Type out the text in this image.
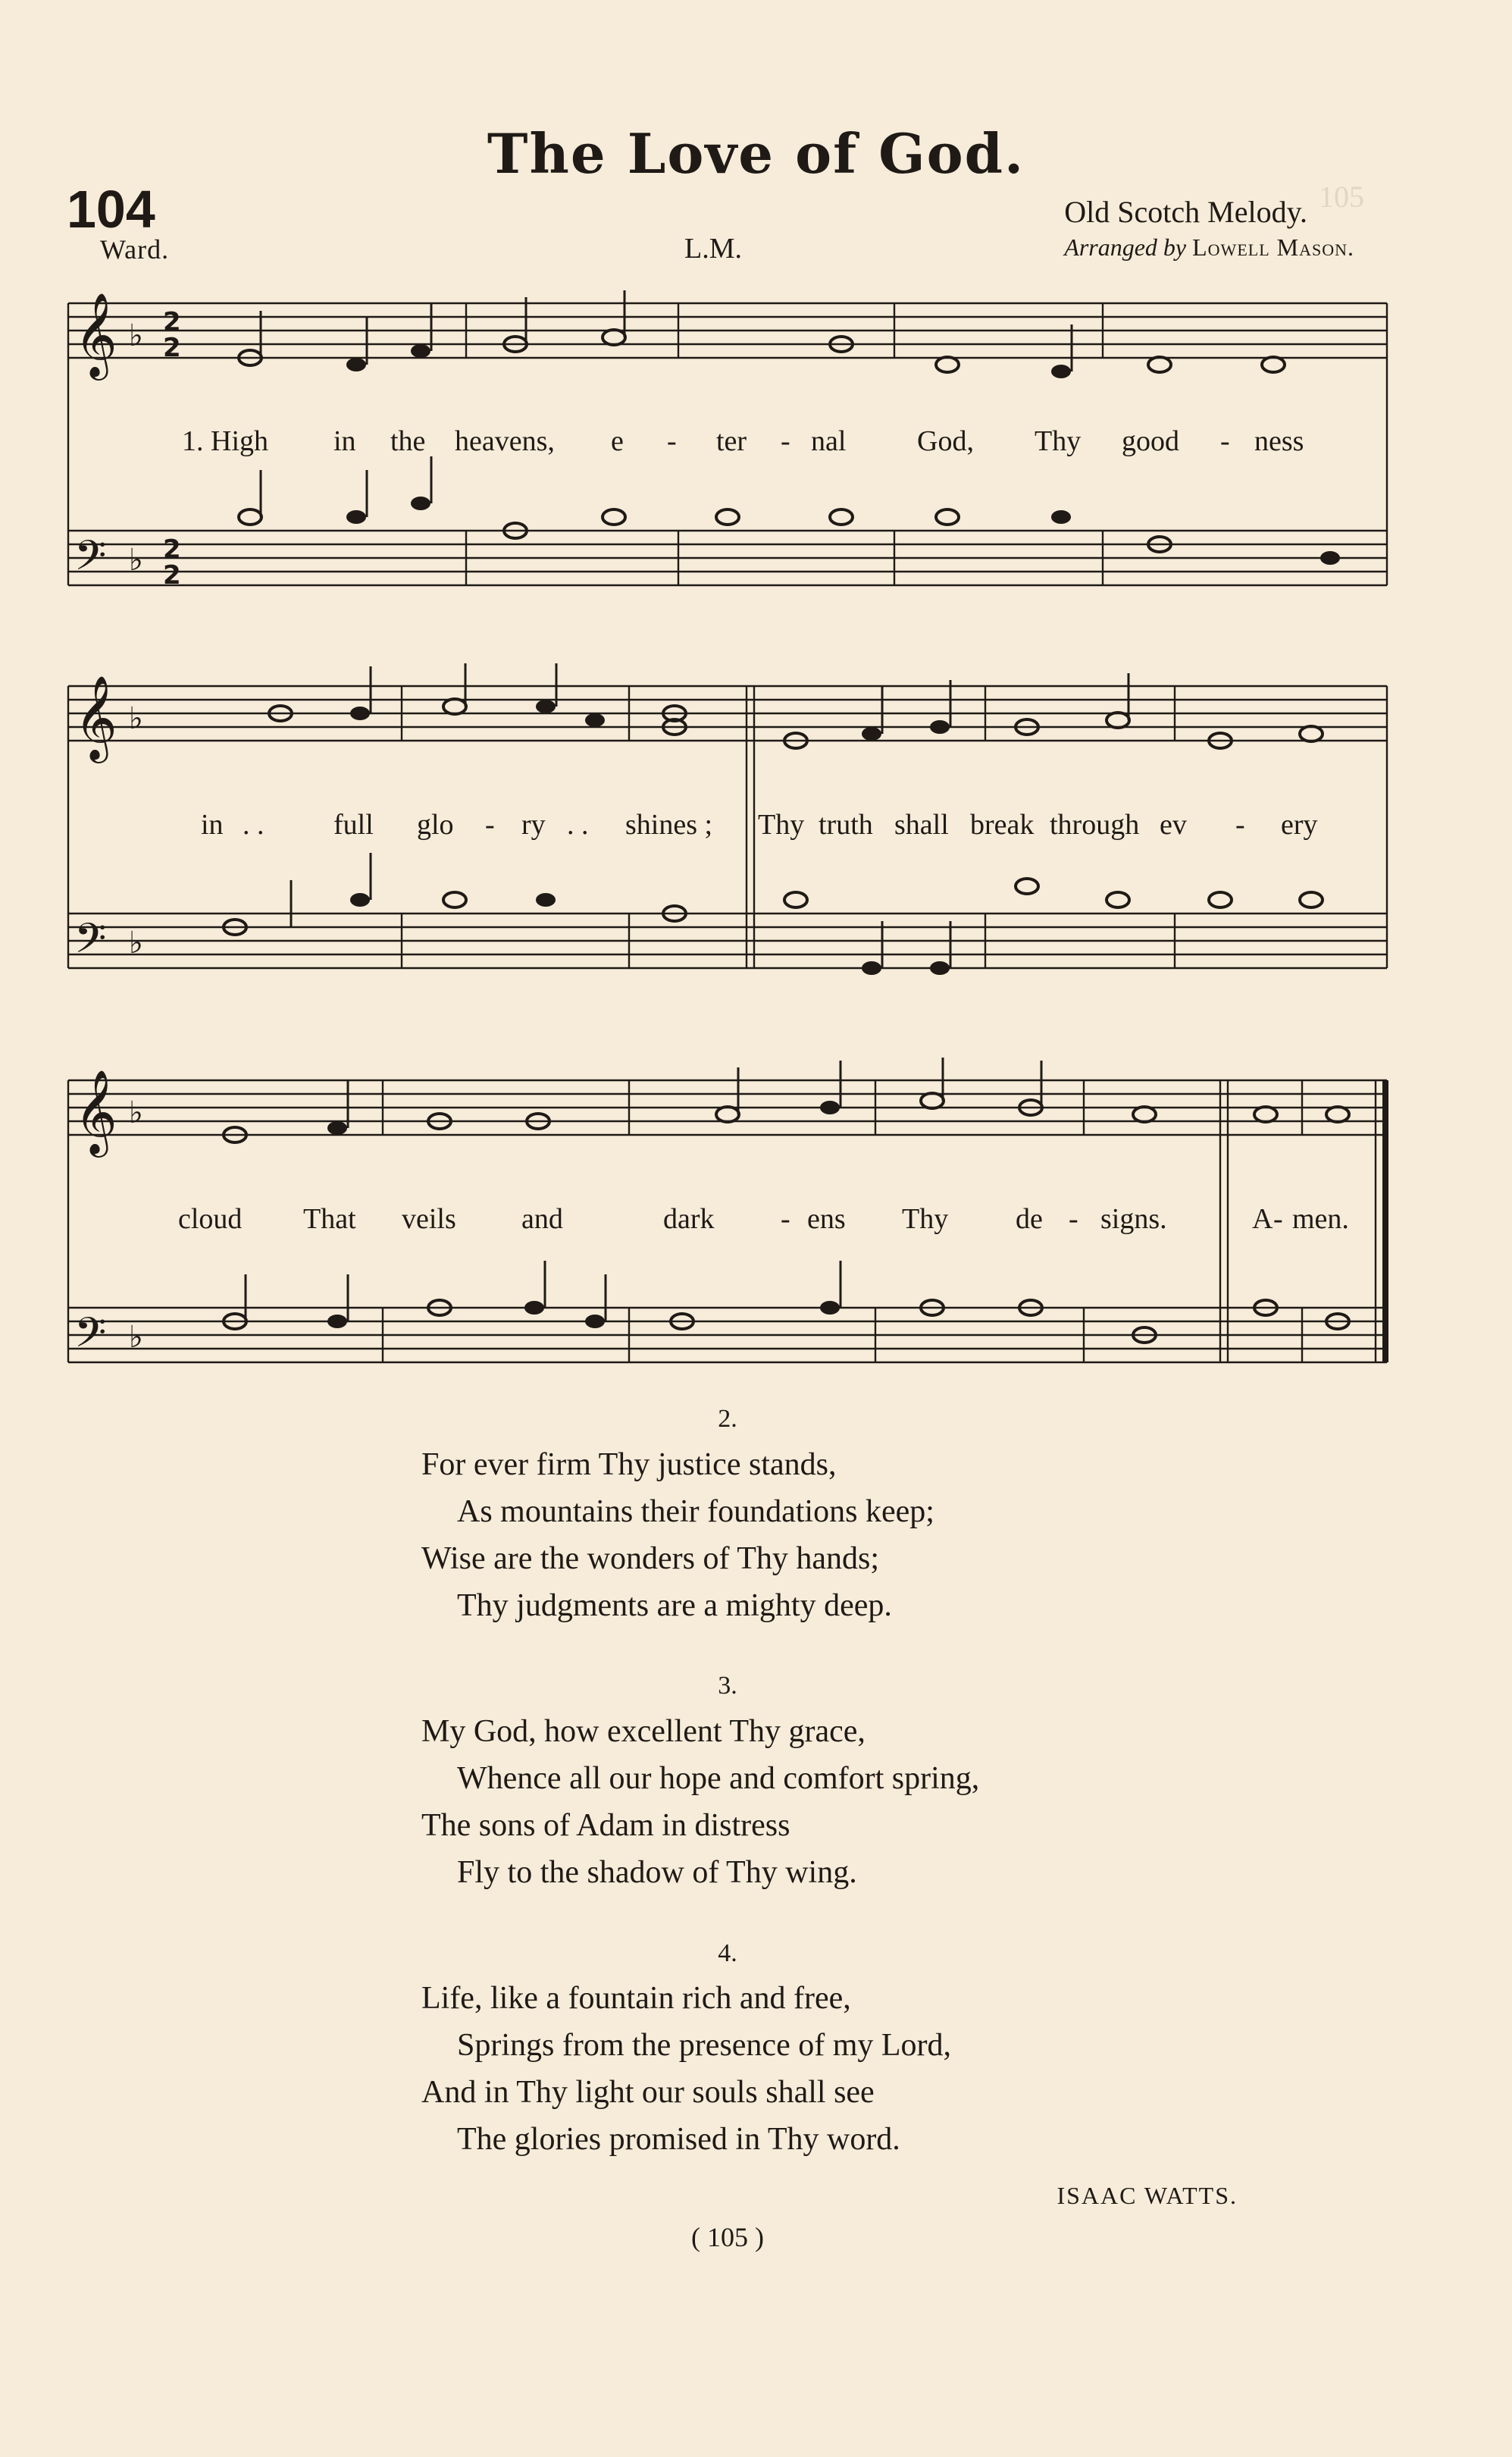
105
The Love of God.
104	Old Scotch Melody.
Ward.	L.M.	Arranged by Lowell Mason.
𝄞
𝄢
♭
♭
2
2
2
2
1. High in the heavens, e - ter - nal God, Thy good - ness
𝄞
𝄢
♭
♭
in . . full glo - ry . . shines ; Thy truth shall break through ev - ery
𝄞
𝄢
♭
♭
cloud That veils and	dark - ens Thy de - signs.	A - men.
2.
For ever firm Thy justice stands,
As mountains their foundations keep;
Wise are the wonders of Thy hands;
Thy judgments are a mighty deep.
3.
My God, how excellent Thy grace,
Whence all our hope and comfort spring,
The sons of Adam in distress
Fly to the shadow of Thy wing.
4.
Life, like a fountain rich and free,
Springs from the presence of my Lord,
And in Thy light our souls shall see
The glories promised in Thy word.
ISAAC WATTS.
( 105 )
